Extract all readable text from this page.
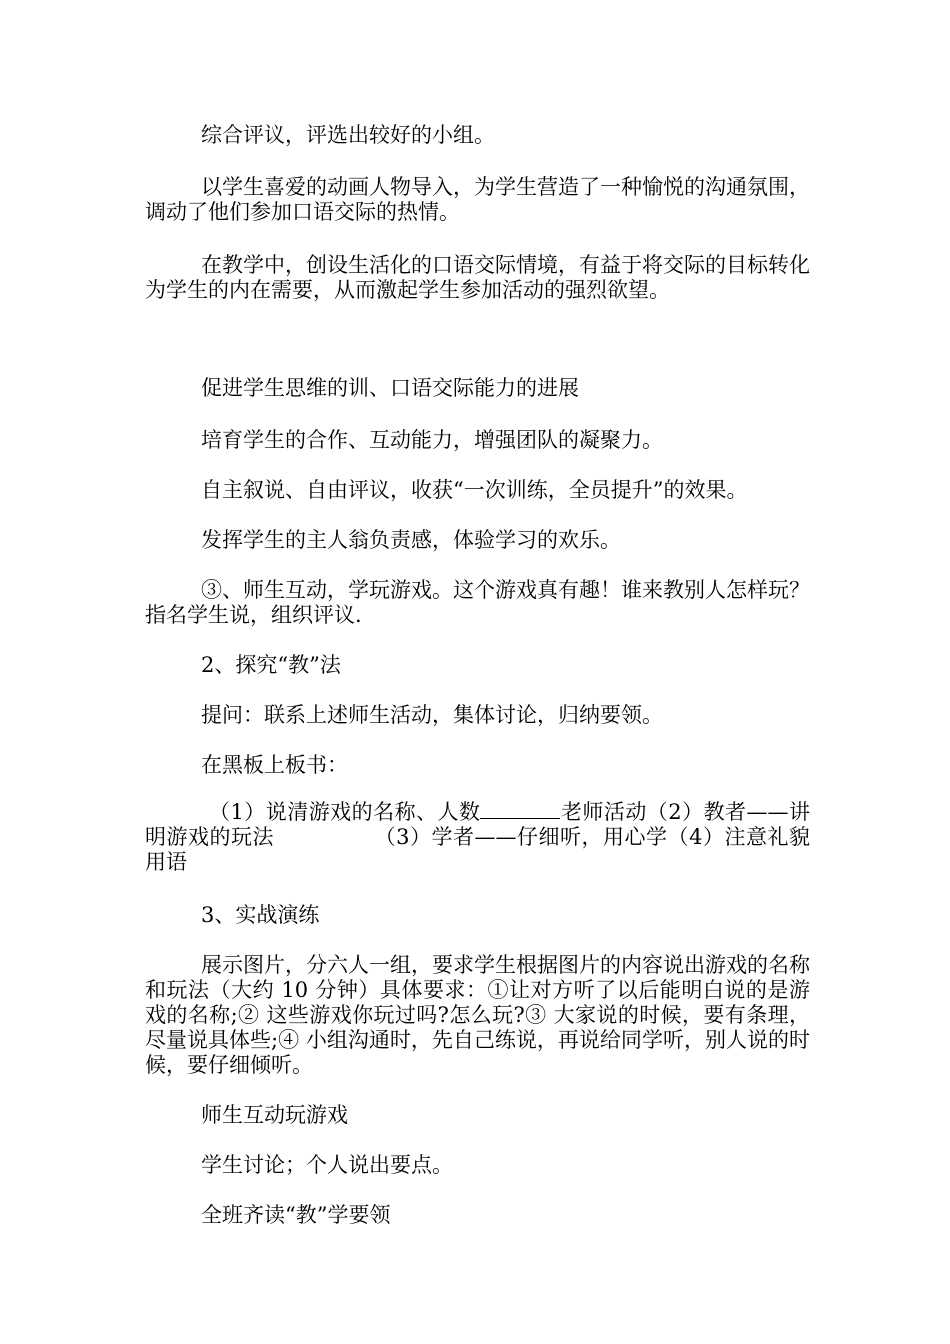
综合评议，评选出较好的小组。

以学生喜爱的动画人物导入，为学生营造了一种愉悦的沟通氛围，调动了他们参加口语交际的热情。

在教学中，创设生活化的口语交际情境，有益于将交际的目标转化为学生的内在需要，从而激起学生参加活动的强烈欲望。

促进学生思维的训、口语交际能力的进展

培育学生的合作、互动能力，增强团队的凝聚力。

自主叙说、自由评议，收获“一次训练，全员提升”的效果。

发挥学生的主人翁负责感，体验学习的欢乐。

③、师生互动，学玩游戏。这个游戏真有趣！谁来教别人怎样玩？指名学生说，组织评议.

2、探究“教”法

提问：联系上述师生活动，集体讨论，归纳要领。

在黑板上板书：

（1）说清游戏的名称、人数	老师活动（2）教者——讲明游戏的玩法	（3）学者——仔细听，用心学（4）注意礼貌用语

3、实战演练

展示图片，分六人一组，要求学生根据图片的内容说出游戏的名称和玩法（大约 10 分钟）具体要求：①让对方听了以后能明白说的是游戏的名称;② 这些游戏你玩过吗?怎么玩?③ 大家说的时候，要有条理，尽量说具体些;④ 小组沟通时，先自己练说，再说给同学听，别人说的时候，要仔细倾听。

师生互动玩游戏

学生讨论；个人说出要点。

全班齐读“教”学要领
